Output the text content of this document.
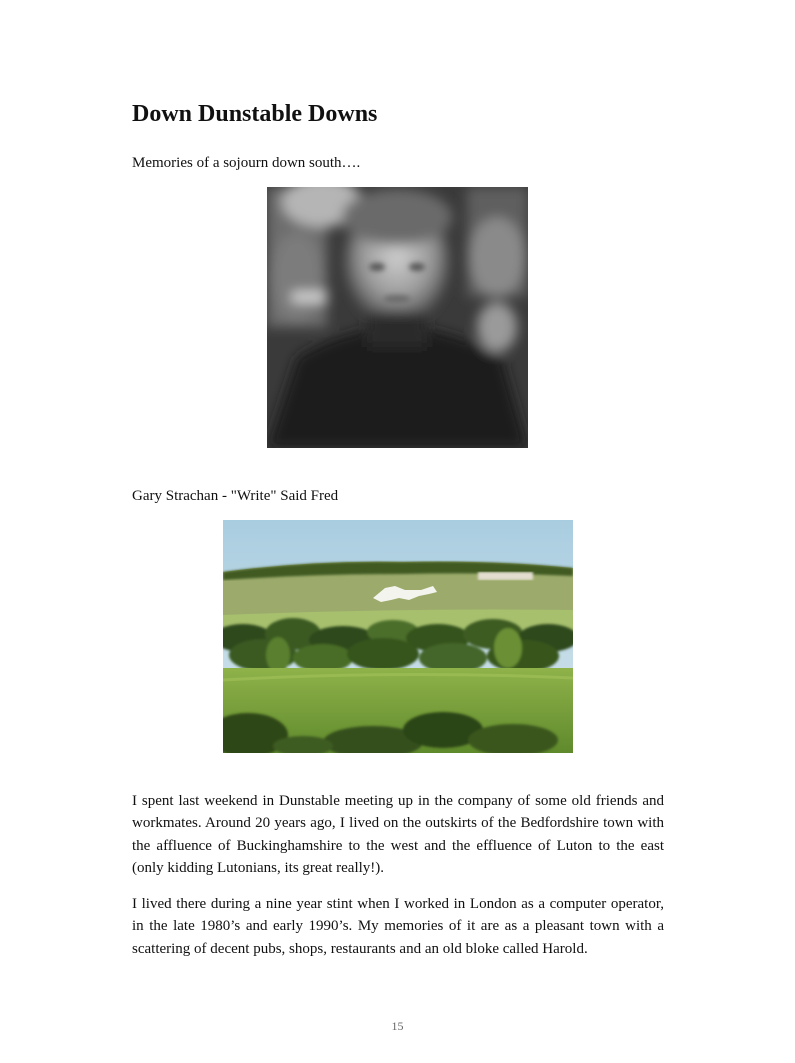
Down Dunstable Downs
Memories of a sojourn down south….
Gary Strachan - "Write" Said Fred

I spent last weekend in Dunstable meeting up in the company of some old friends and workmates. Around 20 years ago, I lived on the outskirts of the Bedfordshire town with the affluence of Buckinghamshire to the west and the effluence of Luton to the east (only kidding Lutonians, its great really!).

I lived there during a nine year stint when I worked in London as a computer operator, in the late 1980’s and early 1990’s. My memories of it are as a pleasant town with a scattering of decent pubs, shops, restaurants and an old bloke called Harold.

15
